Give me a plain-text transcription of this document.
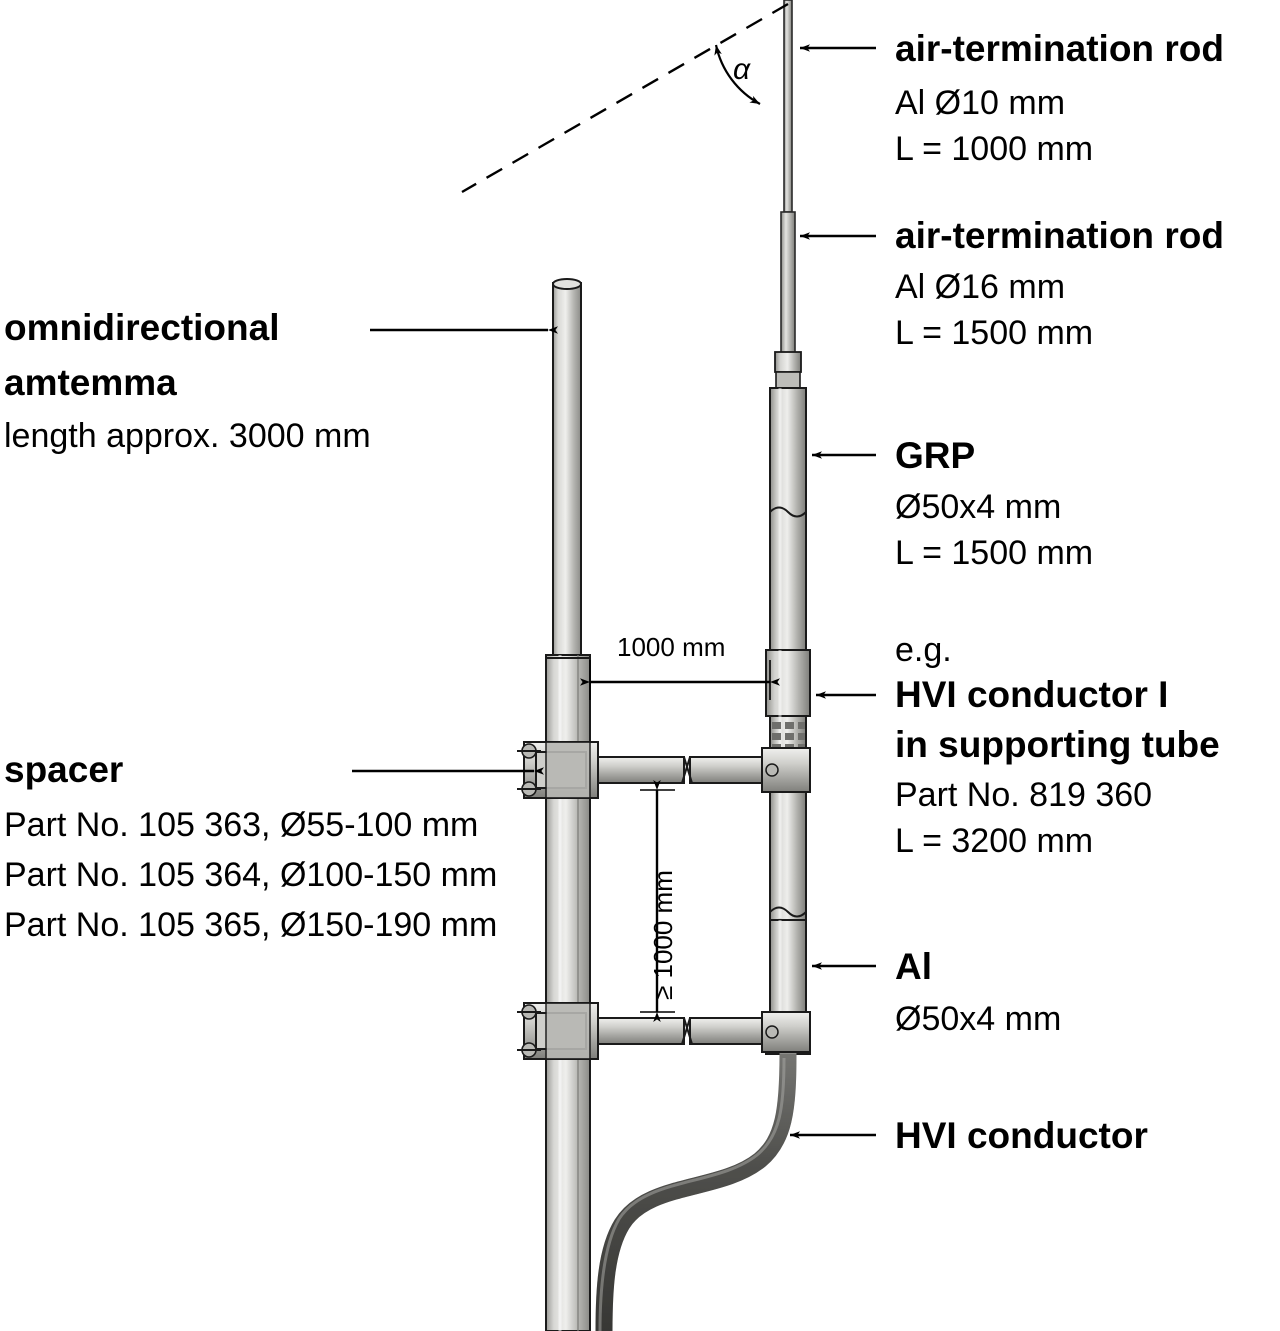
α
air-termination rod
Al Ø10 mm
L = 1000 mm
air-termination rod
Al Ø16 mm
L = 1500 mm
GRP
Ø50x4 mm
L = 1500 mm
e.g.
HVI conductor I
in supporting tube
Part No. 819 360
L = 3200 mm
Al
Ø50x4 mm
HVI conductor
omnidirectional
amtemma
length approx. 3000 mm
spacer
Part No. 105 363, Ø55-100 mm
Part No. 105 364, Ø100-150 mm
Part No. 105 365, Ø150-190 mm
1000 mm
≥ 1000 mm
